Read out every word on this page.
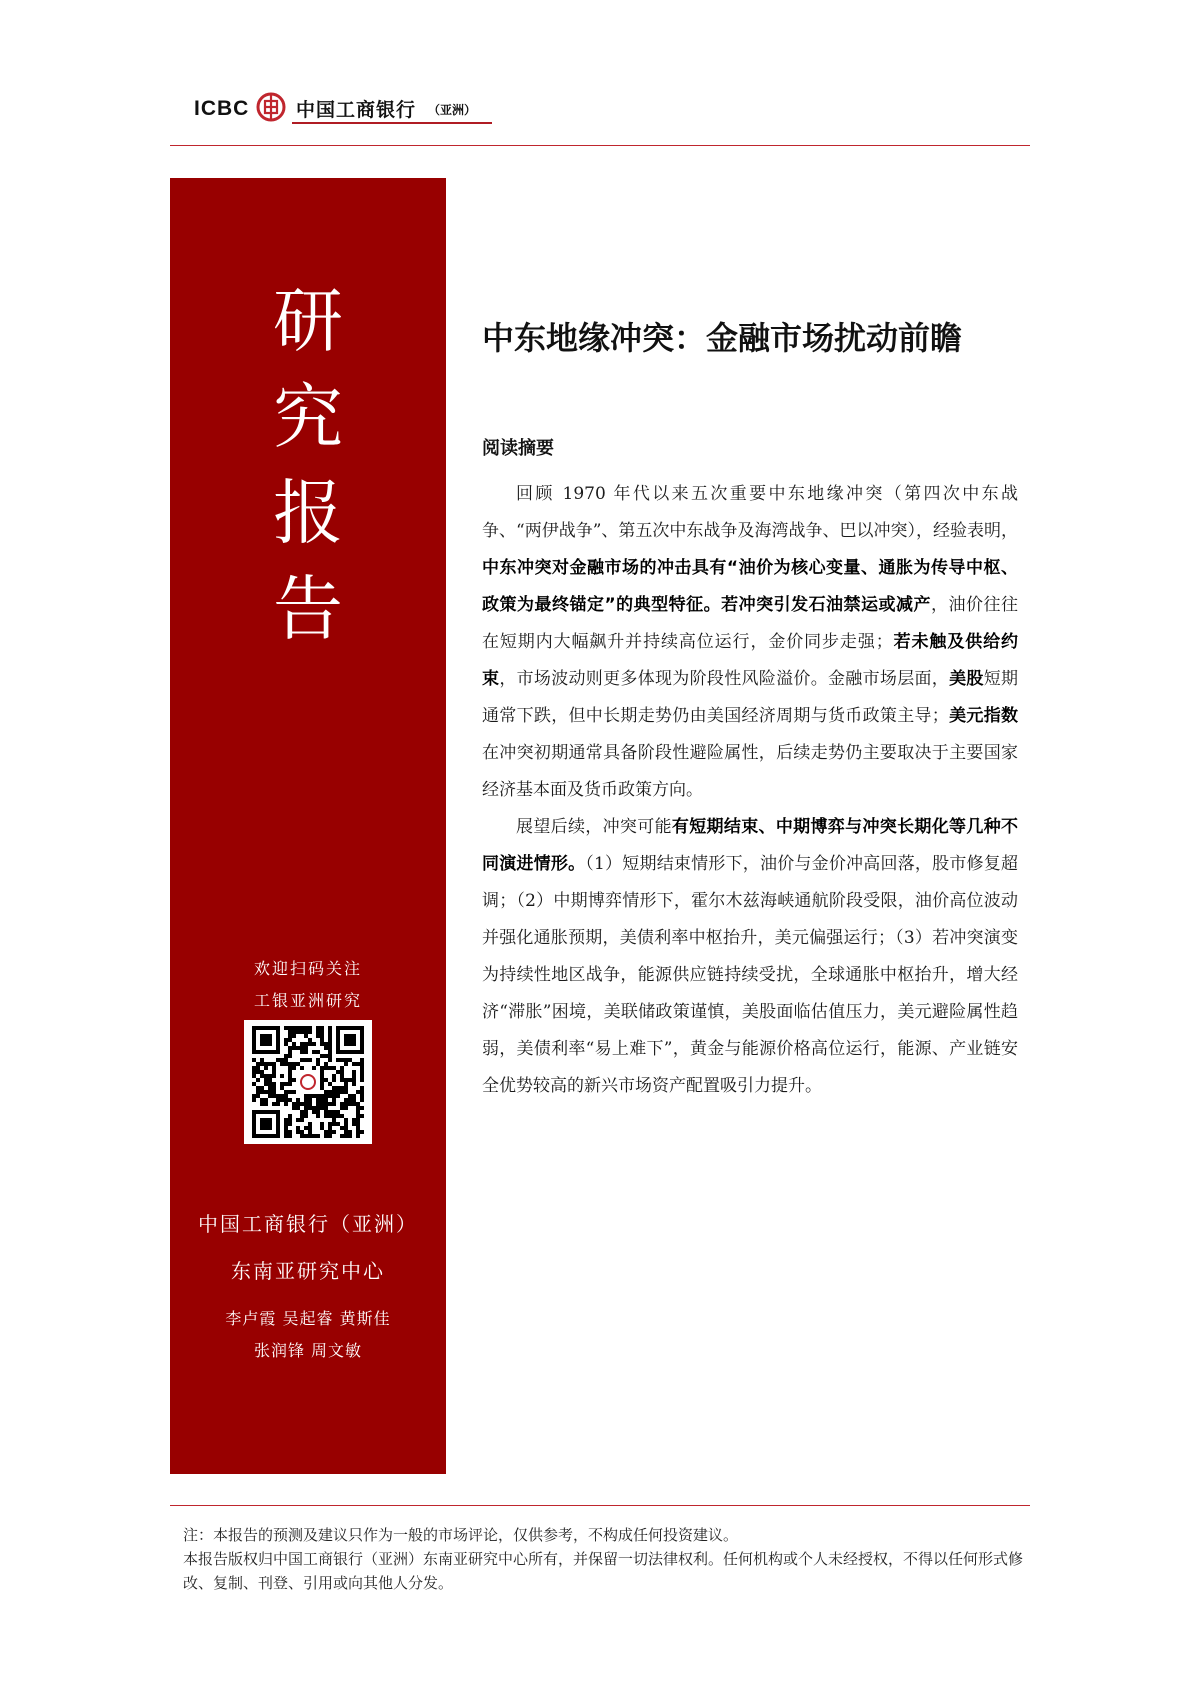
ICBC 中国工商银行 （亚洲）
研
究
报
告
欢迎扫码关注
工银亚洲研究
中国工商银行（亚洲）
东南亚研究中心
李卢霞 吴起睿 黄斯佳
张润锋 周文敏
中东地缘冲突：金融市场扰动前瞻
阅读摘要

回顾 1970 年代以来五次重要中东地缘冲突（第四次中东战争、“两伊战争”、第五次中东战争及海湾战争、巴以冲突），经验表明，中东冲突对金融市场的冲击具有“油价为核心变量、通胀为传导中枢、政策为最终锚定”的典型特征。若冲突引发石油禁运或减产，油价往往在短期内大幅飙升并持续高位运行，金价同步走强；若未触及供给约束，市场波动则更多体现为阶段性风险溢价。金融市场层面，美股短期通常下跌，但中长期走势仍由美国经济周期与货币政策主导；美元指数在冲突初期通常具备阶段性避险属性，后续走势仍主要取决于主要国家经济基本面及货币政策方向。

展望后续，冲突可能有短期结束、中期博弈与冲突长期化等几种不同演进情形。（1）短期结束情形下，油价与金价冲高回落，股市修复超调；（2）中期博弈情形下，霍尔木兹海峡通航阶段受限，油价高位波动并强化通胀预期，美债利率中枢抬升，美元偏强运行；（3）若冲突演变为持续性地区战争，能源供应链持续受扰，全球通胀中枢抬升，增大经济“滞胀”困境，美联储政策谨慎，美股面临估值压力，美元避险属性趋弱，美债利率“易上难下”，黄金与能源价格高位运行，能源、产业链安全优势较高的新兴市场资产配置吸引力提升。

注：本报告的预测及建议只作为一般的市场评论，仅供参考，不构成任何投资建议。
本报告版权归中国工商银行（亚洲）东南亚研究中心所有，并保留一切法律权利。任何机构或个人未经授权，不得以任何形式修改、复制、刊登、引用或向其他人分发。
